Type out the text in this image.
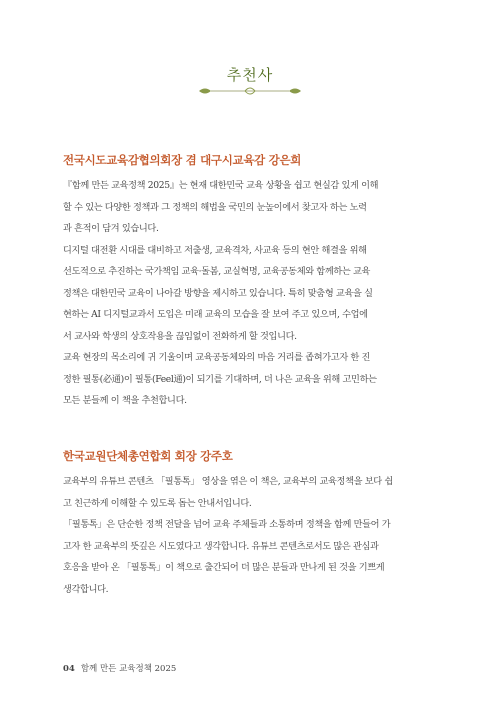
추천사
전국시도교육감협의회장 겸 대구시교육감 강은희

『함께 만든 교육정책 2025』는 현재 대한민국 교육 상황을 쉽고 현실감 있게 이해
할 수 있는 다양한 정책과 그 정책의 해법을 국민의 눈높이에서 찾고자 하는 노력
과 흔적이 담겨 있습니다.

디지털 대전환 시대를 대비하고 저출생, 교육격차, 사교육 등의 현안 해결을 위해
선도적으로 추진하는 국가책임 교육·돌봄, 교실혁명, 교육공동체와 함께하는 교육
정책은 대한민국 교육이 나아갈 방향을 제시하고 있습니다. 특히 맞춤형 교육을 실
현하는 AI 디지털교과서 도입은 미래 교육의 모습을 잘 보여 주고 있으며, 수업에
서 교사와 학생의 상호작용을 끊임없이 전화하게 할 것입니다.

교육 현장의 목소리에 귀 기울이며 교육공동체와의 마음 거리를 좁혀가고자 한 진
정한 필통(必通)이 필통(Feel通)이 되기를 기대하며, 더 나은 교육을 위해 고민하는
모든 분들께 이 책을 추천합니다.

한국교원단체총연합회 회장 강주호

교육부의 유튜브 콘텐츠 「필통톡」 영상을 엮은 이 책은, 교육부의 교육정책을 보다 쉽
고 친근하게 이해할 수 있도록 돕는 안내서입니다.

「필통톡」은 단순한 정책 전달을 넘어 교육 주체들과 소통하며 정책을 함께 만들어 가
고자 한 교육부의 뜻깊은 시도였다고 생각합니다. 유튜브 콘텐츠로서도 많은 관심과
호응을 받아 온 「필통톡」이 책으로 출간되어 더 많은 분들과 만나게 된 것을 기쁘게
생각합니다.

04 함께 만든 교육정책 2025
